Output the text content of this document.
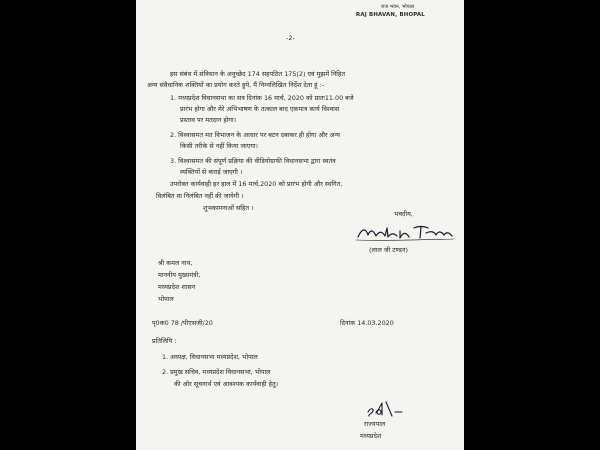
राज भवन, भोपाल
RAJ BHAVAN, BHOPAL
-2-
इस संबंध में संविधान के अनुच्छेद 174 सहपठित 175(2) एवं मुझमें निहित
अन्य संवैधानिक शक्तियों का प्रयोग करते हुये, मैं निम्नलिखित निर्देश देता हूं :-
1. मध्यप्रदेश विधानसभा का सत्र दिनांक 16 मार्च, 2020 को प्रातः11.00 बजे
प्रारंभ होगा और मेरे अभिभाषण के तत्काल बाद एकमात्र कार्य विश्वास
प्रस्ताव पर मतदान होगा।
2. विश्वासमत मत विभाजन के आधार पर बटन दबाकर ही होगा और अन्य
किसी तरीके से नहीं किया जाएगा।
3. विश्वासमत की संपूर्ण प्रक्रिया की वीडियोग्राफी विधानसभा द्वारा स्वतंत्र
व्यक्तियों से कराई जाएगी ।
उपरोक्त कार्यवाही हर हाल में 16 मार्च,2020 को प्रारंभ होगी और स्थगित,
विलंबित या निलंबित नहीं की जायेगी ।
शुभकामनाओं सहित ।
भवदीय,
(लाल जी टण्डन)
श्री कमल नाथ,
माननीय मुख्यमंत्री,
मध्यप्रदेश शासन
भोपाल
पृ0क0 78 /पीएसजी/20	दिनांक 14.03.2020
प्रतिलिपि :
1. अध्यक्ष, विधानसभा मध्यप्रदेश, भोपाल
2. प्रमुख सचिव, मध्यप्रदेश विधानसभा, भोपाल
की ओर सूचनार्थ एवं आवश्यक कार्यवाही हेतु।
राज्यपाल
मध्यप्रदेश
